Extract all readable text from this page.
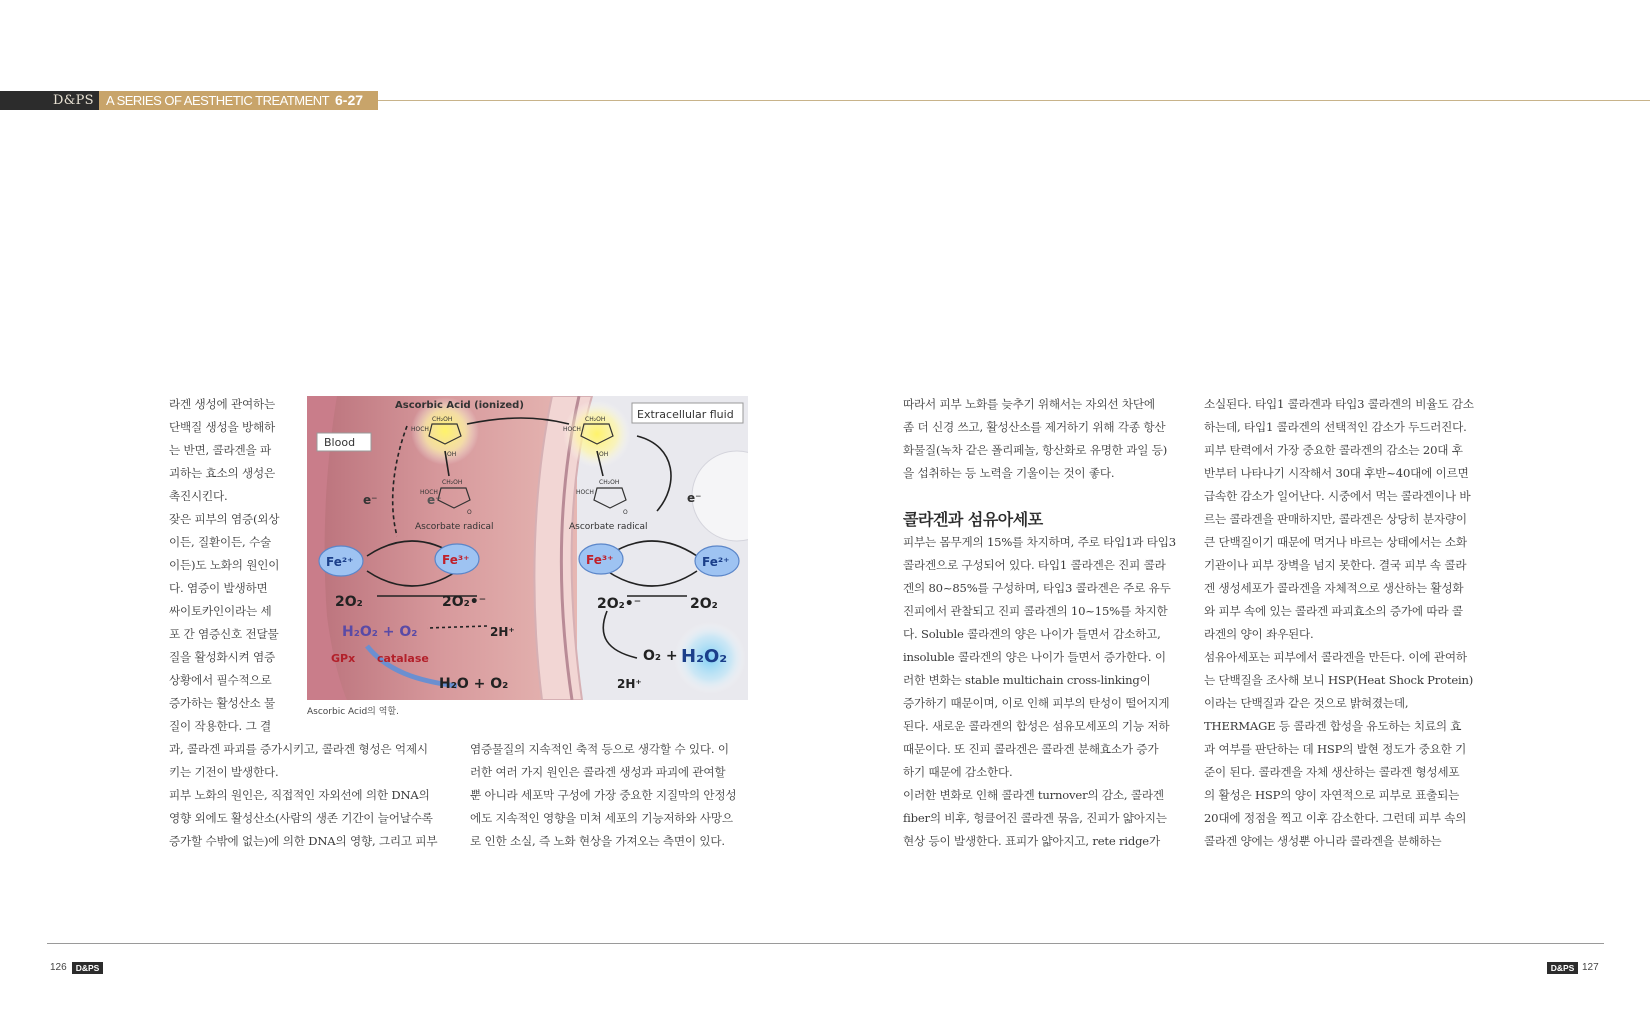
D&PS A SERIES OF AESTHETIC TREATMENT 6-27

라겐 생성에 관여하는

단백질 생성을 방해하

는 반면, 콜라겐을 파

괴하는 효소의 생성은

촉진시킨다.

잦은 피부의 염증(외상

이든, 질환이든, 수술

이든)도 노화의 원인이

다. 염증이 발생하면

싸이토카인이라는 세

포 간 염증신호 전달물

질을 활성화시켜 염증

상황에서 필수적으로

증가하는 활성산소 물

질이 작용한다. 그 결

Ascorbic Acid (ionized)
Blood
Extracellular fluid
CH₂OH
HOCH
OH
CH₂OH
HOCH
OH
CH₂OH
HOCH
O
CH₂OH
HOCH
O
Ascorbate radical	Ascorbate radical
e⁻	e⁻	e⁻
Fe²⁺	Fe³⁺	Fe³⁺	Fe²⁺
2O₂	2O₂•⁻	2O₂•⁻	2O₂
H₂O₂ + O₂	2H⁺
GPx catalase
H₂O + O₂
O₂ + H₂O₂
2H⁺
Ascorbic Acid의 역할.

과, 콜라겐 파괴를 증가시키고, 콜라겐 형성은 억제시

키는 기전이 발생한다.

피부 노화의 원인은, 직접적인 자외선에 의한 DNA의

영향 외에도 활성산소(사람의 생존 기간이 늘어날수록

증가할 수밖에 없는)에 의한 DNA의 영향, 그리고 피부

염증물질의 지속적인 축적 등으로 생각할 수 있다. 이

러한 여러 가지 원인은 콜라겐 생성과 파괴에 관여할

뿐 아니라 세포막 구성에 가장 중요한 지질막의 안정성

에도 지속적인 영향을 미쳐 세포의 기능저하와 사망으

로 인한 소실, 즉 노화 현상을 가져오는 측면이 있다.

따라서 피부 노화를 늦추기 위해서는 자외선 차단에

좀 더 신경 쓰고, 활성산소를 제거하기 위해 각종 항산

화물질(녹차 같은 폴리페놀, 항산화로 유명한 과일 등)

을 섭취하는 등 노력을 기울이는 것이 좋다.

콜라겐과 섬유아세포

피부는 몸무게의 15%를 차지하며, 주로 타입1과 타입3

콜라겐으로 구성되어 있다. 타입1 콜라겐은 진피 콜라

겐의 80~85%를 구성하며, 타입3 콜라겐은 주로 유두

진피에서 관찰되고 진피 콜라겐의 10~15%를 차지한

다. Soluble 콜라겐의 양은 나이가 들면서 감소하고,

insoluble 콜라겐의 양은 나이가 들면서 증가한다. 이

러한 변화는 stable multichain cross-linking이

증가하기 때문이며, 이로 인해 피부의 탄성이 떨어지게

된다. 새로운 콜라겐의 합성은 섬유모세포의 기능 저하

때문이다. 또 진피 콜라겐은 콜라겐 분해효소가 증가

하기 때문에 감소한다.

이러한 변화로 인해 콜라겐 turnover의 감소, 콜라겐

fiber의 비후, 헝클어진 콜라겐 묶음, 진피가 얇아지는

현상 등이 발생한다. 표피가 얇아지고, rete ridge가

소실된다. 타입1 콜라겐과 타입3 콜라겐의 비율도 감소

하는데, 타입1 콜라겐의 선택적인 감소가 두드러진다.

피부 탄력에서 가장 중요한 콜라겐의 감소는 20대 후

반부터 나타나기 시작해서 30대 후반~40대에 이르면

급속한 감소가 일어난다. 시중에서 먹는 콜라겐이나 바

르는 콜라겐을 판매하지만, 콜라겐은 상당히 분자량이

큰 단백질이기 때문에 먹거나 바르는 상태에서는 소화

기관이나 피부 장벽을 넘지 못한다. 결국 피부 속 콜라

겐 생성세포가 콜라겐을 자체적으로 생산하는 활성화

와 피부 속에 있는 콜라겐 파괴효소의 증가에 따라 콜

라겐의 양이 좌우된다.

섬유아세포는 피부에서 콜라겐을 만든다. 이에 관여하

는 단백질을 조사해 보니 HSP(Heat Shock Protein)

이라는 단백질과 같은 것으로 밝혀졌는데,

THERMAGE 등 콜라겐 합성을 유도하는 치료의 효

과 여부를 판단하는 데 HSP의 발현 정도가 중요한 기

준이 된다. 콜라겐을 자체 생산하는 콜라겐 형성세포

의 활성은 HSP의 양이 자연적으로 피부로 표출되는

20대에 정점을 찍고 이후 감소한다. 그런데 피부 속의

콜라겐 양에는 생성뿐 아니라 콜라겐을 분해하는

126	D&PS	D&PS 127
